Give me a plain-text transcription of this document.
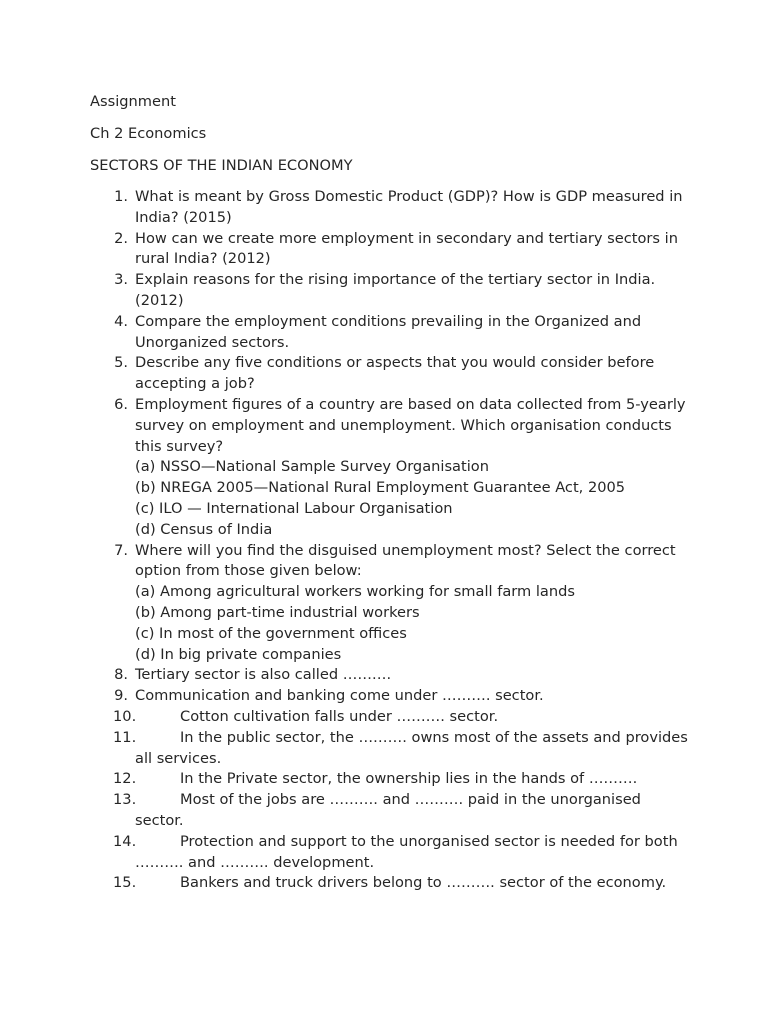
Assignment
Ch 2 Economics
SECTORS OF THE INDIAN ECONOMY
1. What is meant by Gross Domestic Product (GDP)? How is GDP measured in India? (2015)
2. How can we create more employment in secondary and tertiary sectors in rural India? (2012)
3. Explain reasons for the rising importance of the tertiary sector in India. (2012)
4. Compare the employment conditions prevailing in the Organized and Unorganized sectors.
5. Describe any five conditions or aspects that you would consider before accepting a job?
6. Employment figures of a country are based on data collected from 5-yearly survey on employment and unemployment. Which organisation conducts this survey?
(a) NSSO—National Sample Survey Organisation
(b) NREGA 2005—National Rural Employment Guarantee Act, 2005
(c) ILO — International Labour Organisation
(d) Census of India
7. Where will you find the disguised unemployment most? Select the correct option from those given below:
(a) Among agricultural workers working for small farm lands
(b) Among part-time industrial workers
(c) In most of the government offices
(d) In big private companies
8. Tertiary sector is also called ……….
9. Communication and banking come under ………. sector.
10.	Cotton cultivation falls under ………. sector.
11.	In the public sector, the ………. owns most of the assets and provides all services.
12.	In the Private sector, the ownership lies in the hands of ……….
13.	Most of the jobs are ………. and ………. paid in the unorganised sector.
14.	Protection and support to the unorganised sector is needed for both ………. and ………. development.
15.	Bankers and truck drivers belong to ………. sector of the economy.
